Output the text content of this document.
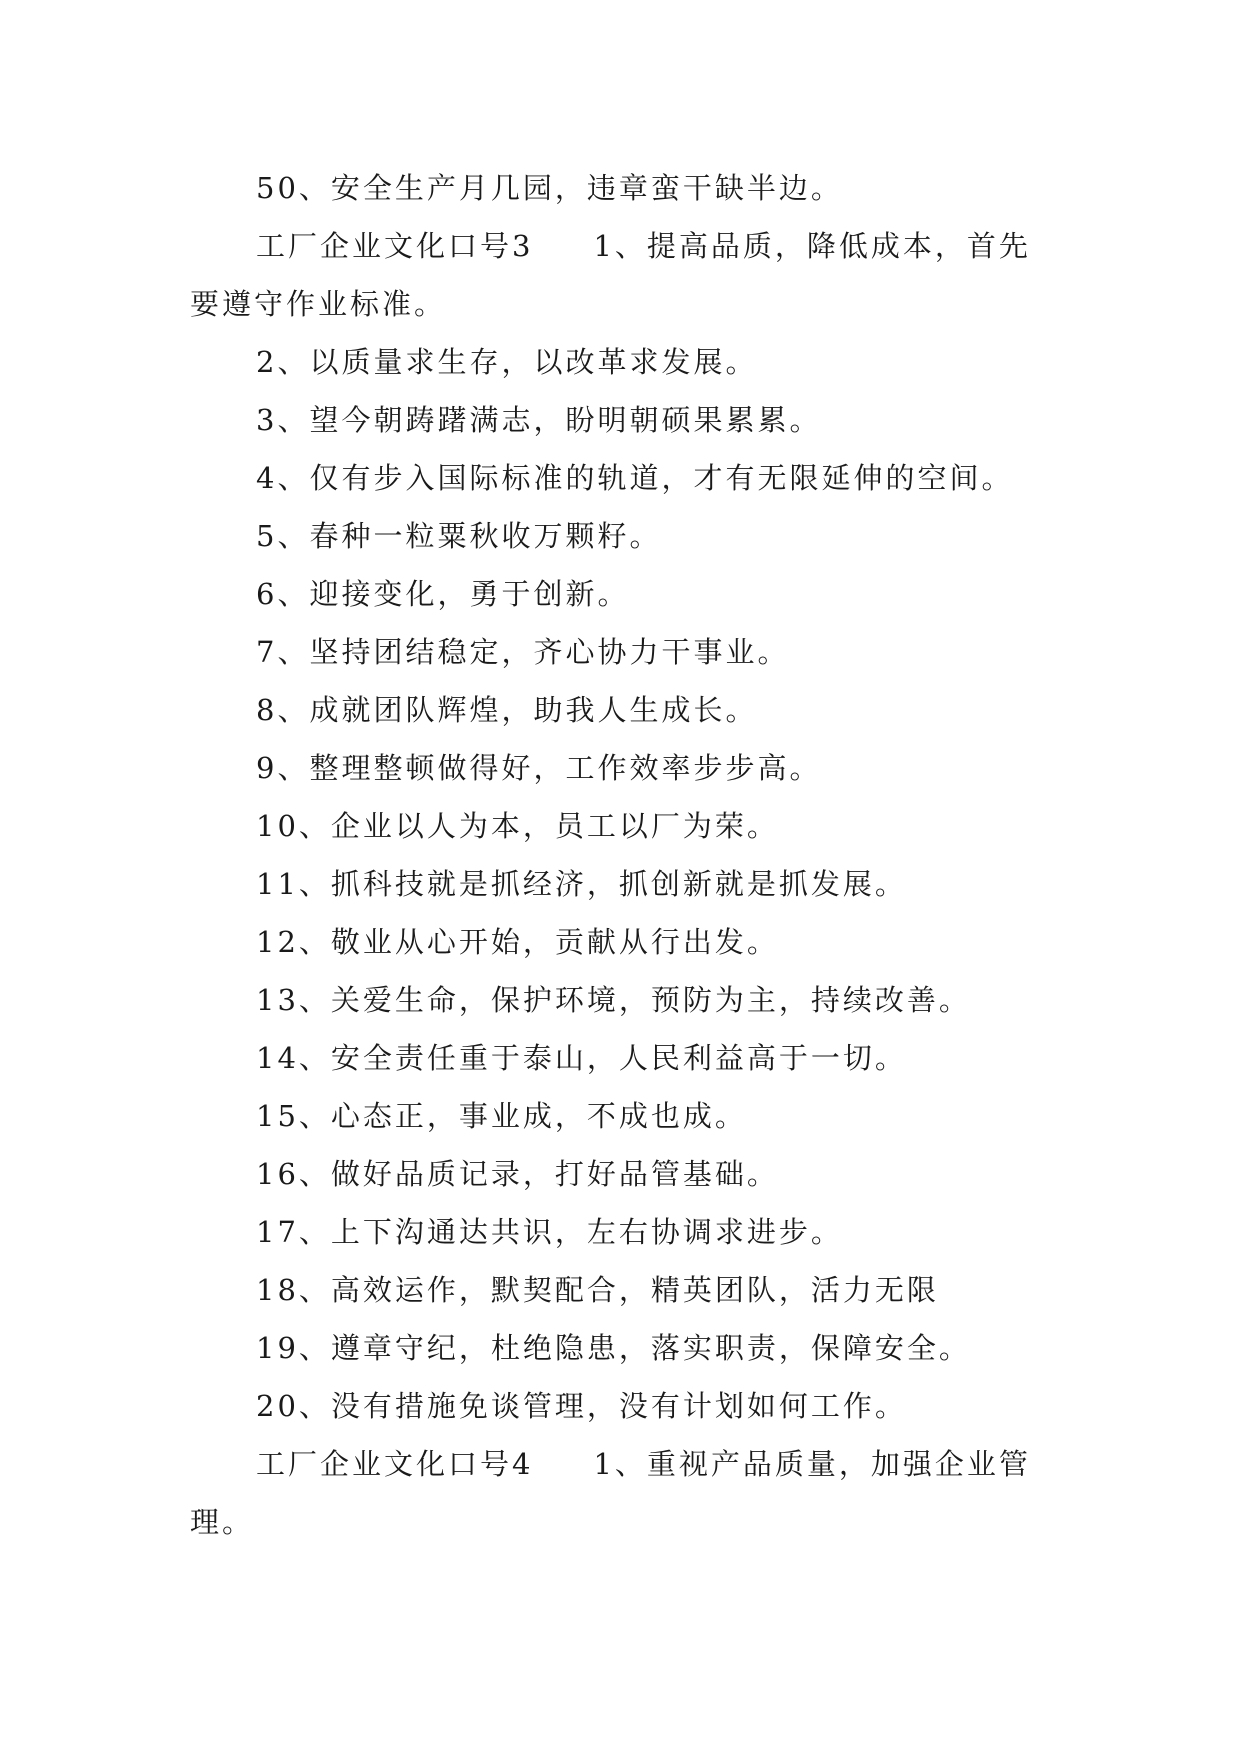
50、安全生产月几园，违章蛮干缺半边。

工厂企业文化口号3 1、提高品质，降低成本，首先要遵守作业标准。

2、以质量求生存，以改革求发展。

3、望今朝踌躇满志，盼明朝硕果累累。

4、仅有步入国际标准的轨道，才有无限延伸的空间。

5、春种一粒粟秋收万颗籽。

6、迎接变化，勇于创新。

7、坚持团结稳定，齐心协力干事业。

8、成就团队辉煌，助我人生成长。

9、整理整顿做得好，工作效率步步高。

10、企业以人为本，员工以厂为荣。

11、抓科技就是抓经济，抓创新就是抓发展。

12、敬业从心开始，贡献从行出发。

13、关爱生命，保护环境，预防为主，持续改善。

14、安全责任重于泰山，人民利益高于一切。

15、心态正，事业成，不成也成。

16、做好品质记录，打好品管基础。

17、上下沟通达共识，左右协调求进步。

18、高效运作，默契配合，精英团队，活力无限

19、遵章守纪，杜绝隐患，落实职责，保障安全。

20、没有措施免谈管理，没有计划如何工作。

工厂企业文化口号4 1、重视产品质量，加强企业管理。
